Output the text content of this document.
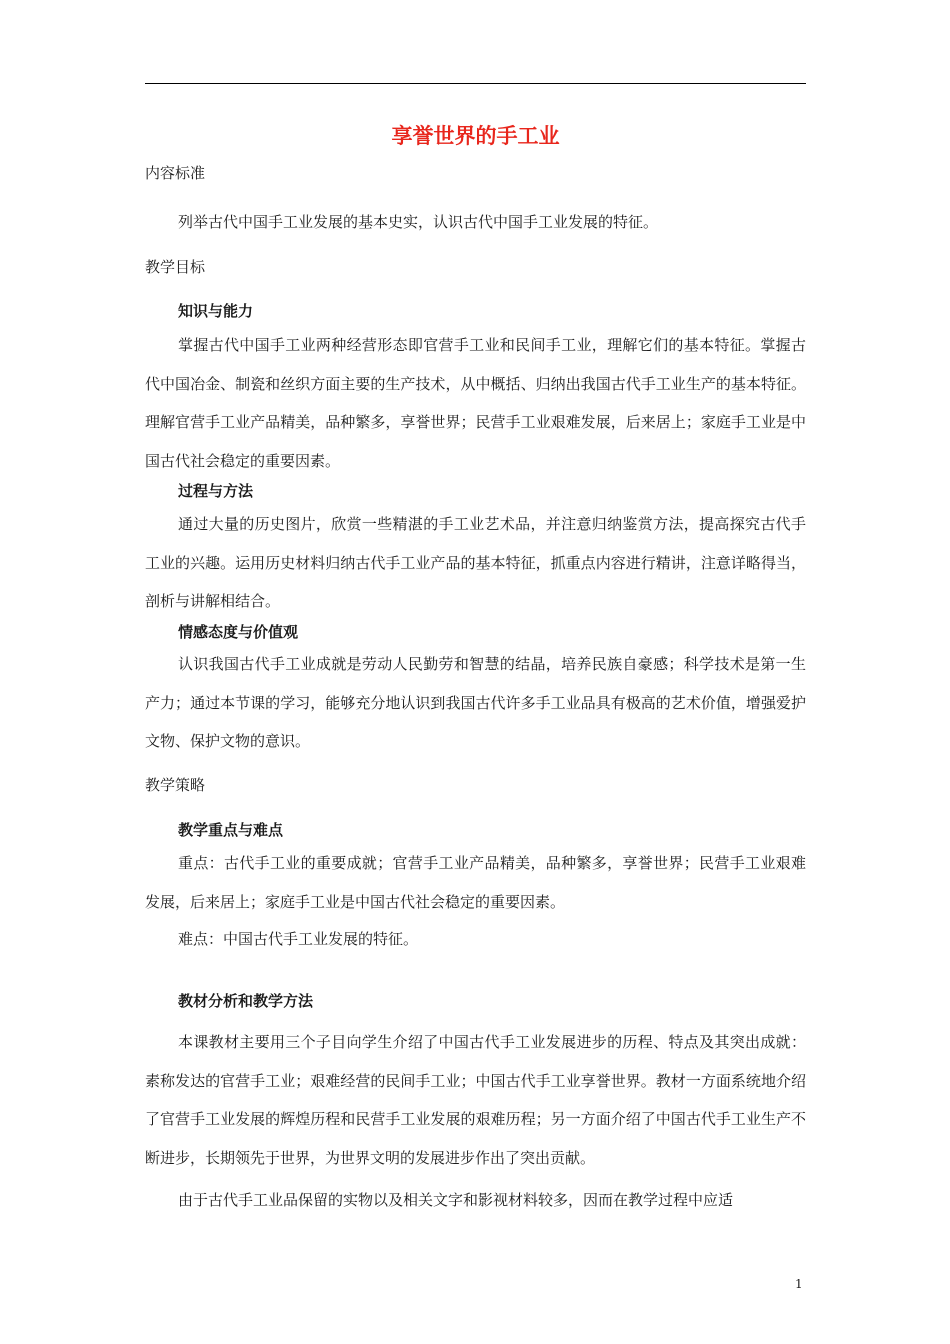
享誉世界的手工业
内容标准

列举古代中国手工业发展的基本史实，认识古代中国手工业发展的特征。

教学目标
知识与能力

掌握古代中国手工业两种经营形态即官营手工业和民间手工业，理解它们的基本特征。掌握古代中国冶金、制瓷和丝织方面主要的生产技术，从中概括、归纳出我国古代手工业生产的基本特征。理解官营手工业产品精美，品种繁多，享誉世界；民营手工业艰难发展，后来居上；家庭手工业是中国古代社会稳定的重要因素。

过程与方法

通过大量的历史图片，欣赏一些精湛的手工业艺术品，并注意归纳鉴赏方法，提高探究古代手工业的兴趣。运用历史材料归纳古代手工业产品的基本特征，抓重点内容进行精讲，注意详略得当，剖析与讲解相结合。

情感态度与价值观

认识我国古代手工业成就是劳动人民勤劳和智慧的结晶，培养民族自豪感；科学技术是第一生产力；通过本节课的学习，能够充分地认识到我国古代许多手工业品具有极高的艺术价值，增强爱护文物、保护文物的意识。

教学策略
教学重点与难点

重点：古代手工业的重要成就；官营手工业产品精美，品种繁多，享誉世界；民营手工业艰难发展，后来居上；家庭手工业是中国古代社会稳定的重要因素。

难点：中国古代手工业发展的特征。

教材分析和教学方法

本课教材主要用三个子目向学生介绍了中国古代手工业发展进步的历程、特点及其突出成就：素称发达的官营手工业；艰难经营的民间手工业；中国古代手工业享誉世界。教材一方面系统地介绍了官营手工业发展的辉煌历程和民营手工业发展的艰难历程；另一方面介绍了中国古代手工业生产不断进步，长期领先于世界，为世界文明的发展进步作出了突出贡献。

由于古代手工业品保留的实物以及相关文字和影视材料较多，因而在教学过程中应适

1
